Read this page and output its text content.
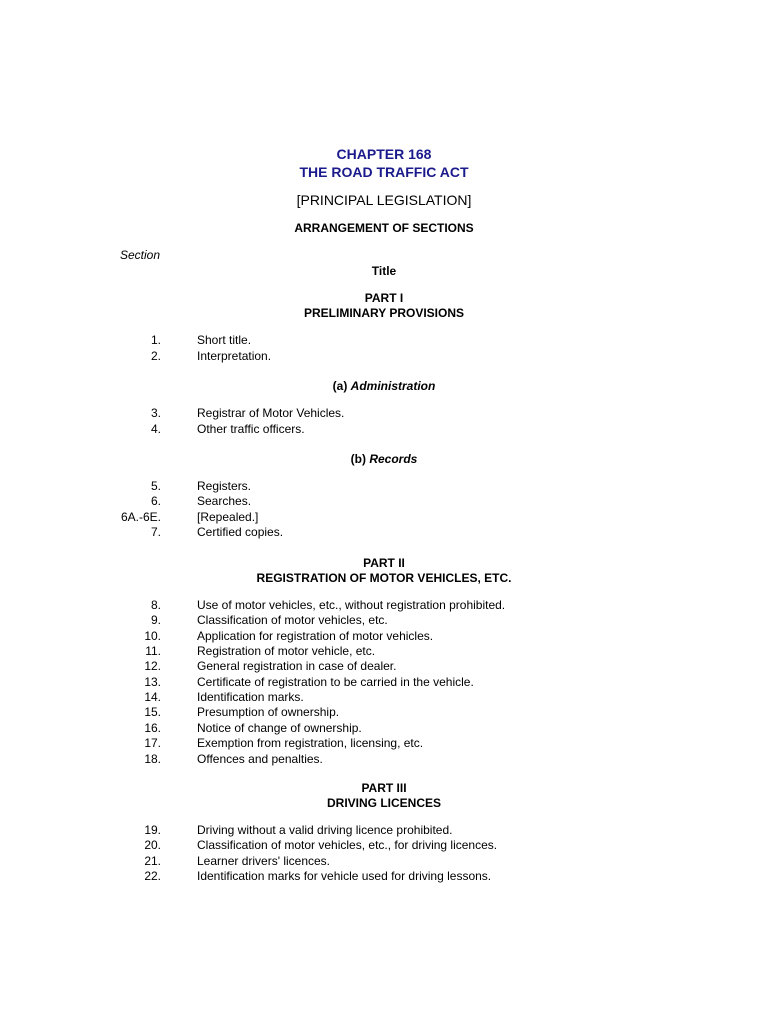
CHAPTER 168
THE ROAD TRAFFIC ACT
[PRINCIPAL LEGISLATION]
ARRANGEMENT OF SECTIONS
Section
Title
PART I
PRELIMINARY PROVISIONS
1.	Short title.
2.	Interpretation.
(a) Administration
3.	Registrar of Motor Vehicles.
4.	Other traffic officers.
(b) Records
5.	Registers.
6.	Searches.
6A.-6E.	[Repealed.]
7.	Certified copies.
PART II
REGISTRATION OF MOTOR VEHICLES, ETC.
8.	Use of motor vehicles, etc., without registration prohibited.
9.	Classification of motor vehicles, etc.
10.	Application for registration of motor vehicles.
11.	Registration of motor vehicle, etc.
12.	General registration in case of dealer.
13.	Certificate of registration to be carried in the vehicle.
14.	Identification marks.
15.	Presumption of ownership.
16.	Notice of change of ownership.
17.	Exemption from registration, licensing, etc.
18.	Offences and penalties.
PART III
DRIVING LICENCES
19.	Driving without a valid driving licence prohibited.
20.	Classification of motor vehicles, etc., for driving licences.
21.	Learner drivers' licences.
22.	Identification marks for vehicle used for driving lessons.
